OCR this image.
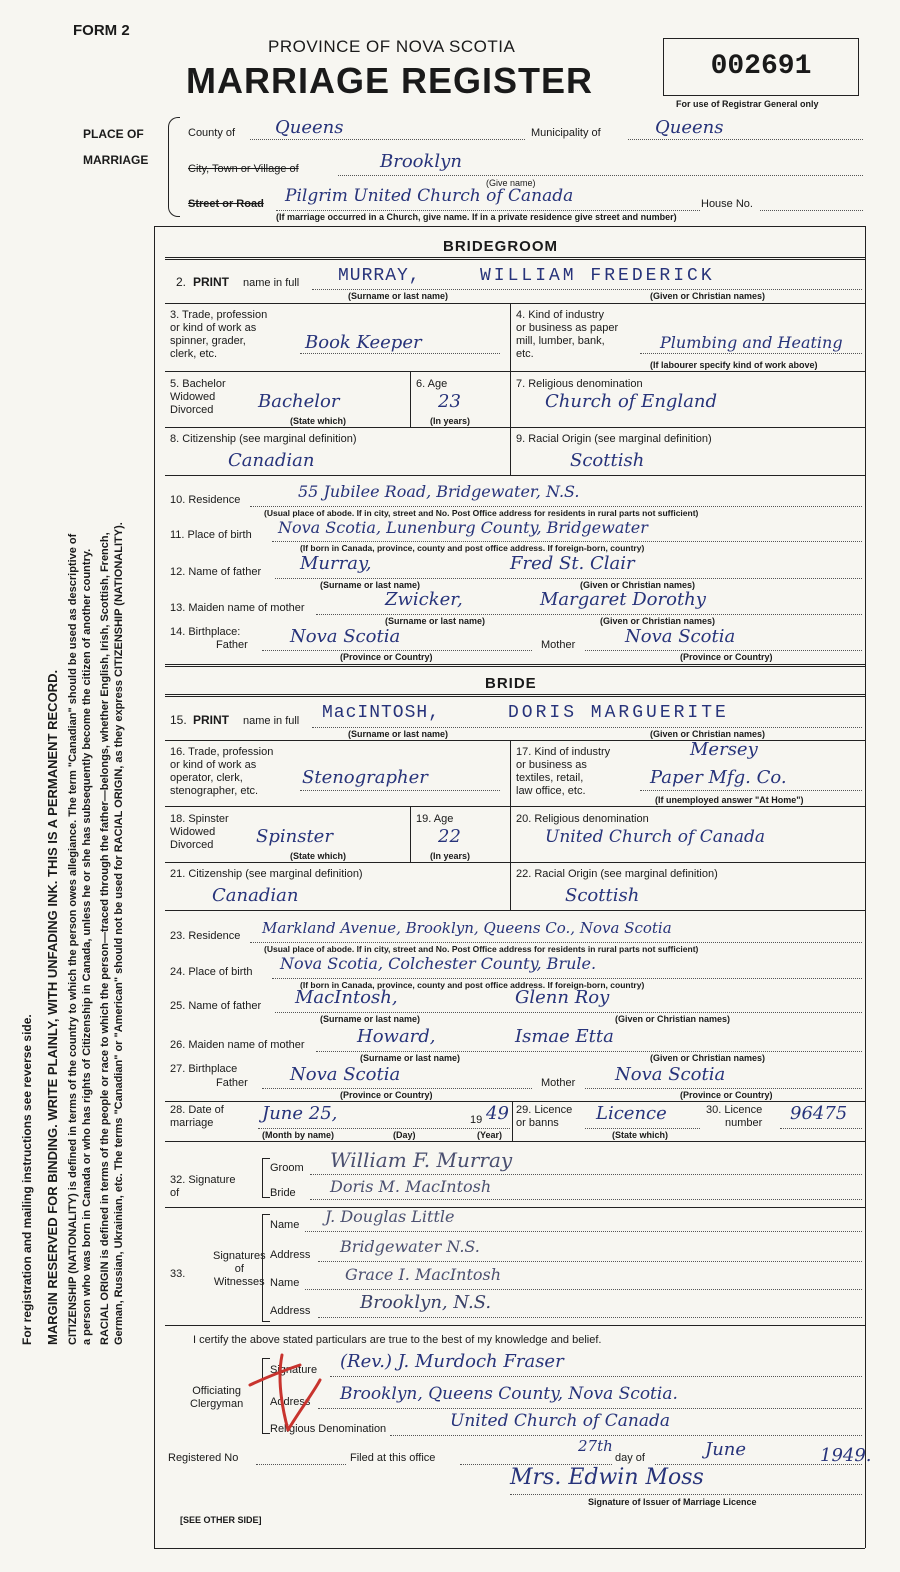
FORM 2
PROVINCE OF NOVA SCOTIA
MARRIAGE REGISTER	002691
For use of Registrar General only
PLACE OF
MARRIAGE
County of Queens	Municipality of	Queens
City, Town or Village of	Brooklyn
(Give name)
Street or Road Pilgrim United Church of Canada	House No.
(If marriage occurred in a Church, give name. If in a private residence give street and number)

For registration and mailing instructions see reverse side. MARGIN RESERVED FOR BINDING. WRITE PLAINLY, WITH UNFADING INK. THIS IS A PERMANENT RECORD. CITIZENSHIP (NATIONALITY) is defined in terms of the country to which the person owes allegiance. The term "Canadian" should be used as descriptive of a person who was born in Canada or who has rights of Citizenship in Canada, unless he or she has subsequently become the citizen of another country. RACIAL ORIGIN is defined in terms of the people or race to which the person—traced through the father—belongs, whether English, Irish, Scottish, French, German, Russian, Ukrainian, etc. The terms "Canadian" or "American" should not be used for RACIAL ORIGIN, as they express CITIZENSHIP (NATIONALITY).

BRIDEGROOM
2. PRINT name in full MURRAY,	WILLIAM FREDERICK
(Surname or last name)	(Given or Christian names)
3. Trade, profession
or kind of work as
spinner, grader,
clerk, etc.
Book Keeper
4. Kind of industry
or business as paper
mill, lumber, bank,
etc.
Plumbing and Heating
(If labourer specify kind of work above)
5. Bachelor
Widowed
Divorced	Bachelor
(State which)
6. Age
23
(In years)
7. Religious denomination
Church of England
8. Citizenship (see marginal definition)
Canadian
9. Racial Origin (see marginal definition)
Scottish
10. Residence	55 Jubilee Road, Bridgewater, N.S.
(Usual place of abode. If in city, street and No. Post Office address for residents in rural parts not sufficient)
11. Place of birth Nova Scotia, Lunenburg County, Bridgewater
(If born in Canada, province, county and post office address. If foreign-born, country)
12. Name of father Murray,	Fred St. Clair
(Surname or last name)	(Given or Christian names)
13. Maiden name of mother	Zwicker,	Margaret Dorothy
(Surname or last name)	(Given or Christian names)
14. Birthplace:
Father Nova Scotia	Mother	Nova Scotia
(Province or Country)	(Province or Country)
BRIDE
15. PRINT name in full MacINTOSH,	DORIS MARGUERITE
(Surname or last name)	(Given or Christian names)
16. Trade, profession
or kind of work as
operator, clerk,
stenographer, etc.
Stenographer
17. Kind of industry
or business as
textiles, retail,
law office, etc.
Mersey
Paper Mfg. Co.
(If unemployed answer "At Home")
18. Spinster
Widowed
Divorced	Spinster
(State which)
19. Age
22
(In years)
20. Religious denomination
United Church of Canada
21. Citizenship (see marginal definition)
Canadian
22. Racial Origin (see marginal definition)
Scottish
23. Residence Markland Avenue, Brooklyn, Queens Co., Nova Scotia
(Usual place of abode. If in city, street and No. Post Office address for residents in rural parts not sufficient)
24. Place of birth Nova Scotia, Colchester County, Brule.
(If born in Canada, province, county and post office address. If foreign-born, country)
25. Name of father MacIntosh,	Glenn Roy
(Surname or last name)	(Given or Christian names)
26. Maiden name of mother	Howard,	Ismae Etta
(Surname or last name)	(Given or Christian names)
27. Birthplace
Father Nova Scotia	Mother Nova Scotia
(Province or Country)	(Province or Country)
28. Date of
marriage	June 25,	19 49
(Month by name)	(Day)	(Year)
29. Licence
or banns	Licence
(State which)
30. Licence
number 96475
32. Signature
of
Groom William F. Murray
Bride Doris M. MacIntosh
33.
Signatures
of
Witnesses
Name J. Douglas Little
Address Bridgewater N.S.
Name	Grace I. MacIntosh
Address	Brooklyn, N.S.
I certify the above stated particulars are true to the best of my knowledge and belief.
Officiating
Clergyman
Signature (Rev.) J. Murdoch Fraser
Address Brooklyn, Queens County, Nova Scotia.
Religious Denomination	United Church of Canada
Registered No	Filed at this office
27th
day of	June	1949.
Mrs. Edwin Moss
Signature of Issuer of Marriage Licence
[SEE OTHER SIDE]
